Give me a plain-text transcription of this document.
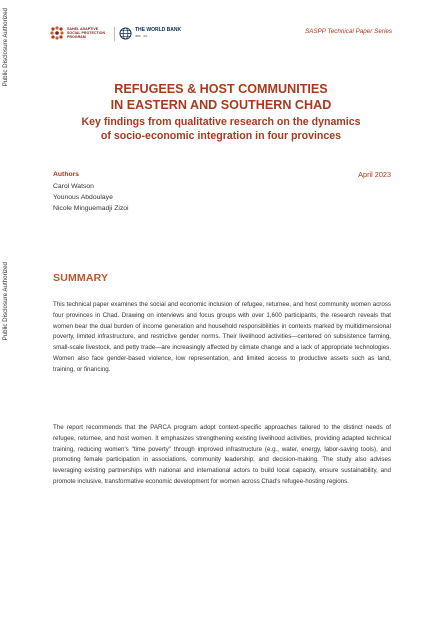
Public Disclosure Authorized
Public Disclosure Authorized
SAHEL ADAPTIVE
SOCIAL PROTECTION
PROGRAM
THE WORLD BANK
IBRD · IDA
SASPP Technical Paper Series
REFUGEES & HOST COMMUNITIES
IN EASTERN AND SOUTHERN CHAD
Key findings from qualitative research on the dynamics
of socio-economic integration in four provinces
Authors	April 2023
Carol Watson
Younous Abdoulaye
Nicole Minguemadji Zizoi
SUMMARY
This technical paper examines the social and economic inclusion of refugee, returnee, and host community women across four provinces in Chad. Drawing on interviews and focus groups with over 1,600 participants, the research reveals that women bear the dual burden of income generation and household responsibilities in contexts marked by multidimensional poverty, limited infrastructure, and restrictive gender norms. Their livelihood activities—centered on subsistence farming, small-scale livestock, and petty trade—are increasingly affected by climate change and a lack of appropriate technologies. Women also face gender-based violence, low representation, and limited access to productive assets such as land, training, or financing.
The report recommends that the PARCA program adopt context-specific approaches tailored to the distinct needs of refugee, returnee, and host women. It emphasizes strengthening existing livelihood activities, providing adapted technical training, reducing women's "time poverty" through improved infrastructure (e.g., water, energy, labor-saving tools), and promoting female participation in associations, community leadership, and decision-making. The study also advises leveraging existing partnerships with national and international actors to build local capacity, ensure sustainability, and promote inclusive, transformative economic development for women across Chad's refugee-hosting regions.
